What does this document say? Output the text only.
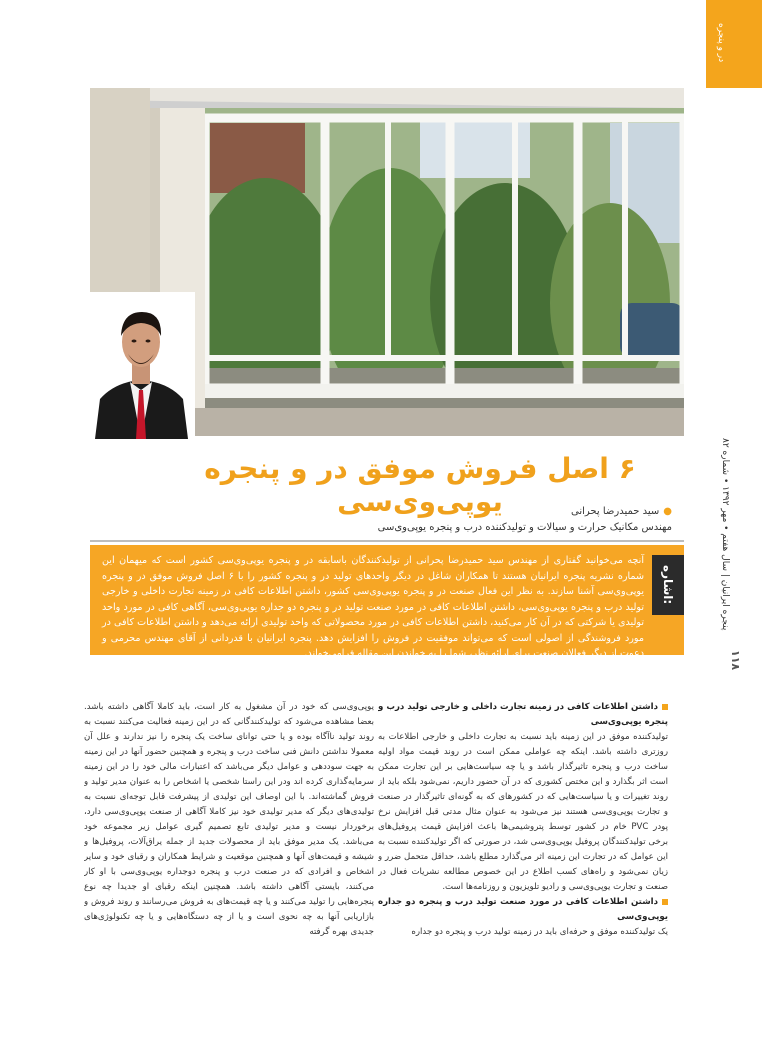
در و پنجره
پنجره ایرانیان | سال هفتم • مهر ۱۳۹۲ • شماره ۸۲
۱۱۸
۶ اصل فروش موفق در و پنجره یوپی‌وی‌سی	●سید حمیدرضا پحرانی
مهندس مکانیک حرارت و سیالات و تولیدکننده درب و پنجره یوپی‌وی‌سی
اشاره:
آنچه می‌خوانید گفتاری از مهندس سید حمیدرضا پحرانی از تولیدکنندگان باسابقه در و پنجره یوپی‌وی‌سی کشور است که میهمان این شماره نشریه پنجره ایرانیان هستند تا همکاران شاغل در دیگر واحدهای تولید در و پنجره کشور را با ۶ اصل فروش موفق در و پنجره یوپی‌وی‌سی آشنا سازند. به نظر این فعال صنعت در و پنجره یوپی‌وی‌سی کشور، داشتن اطلاعات کافی در زمینه تجارت داخلی و خارجی تولید درب و پنجره یوپی‌وی‌سی، داشتن اطلاعات کافی در مورد صنعت تولید در و پنجره دو جداره یوپی‌وی‌سی، آگاهی کافی در مورد واحد تولیدی یا شرکتی که در آن کار می‌کنید، داشتن اطلاعات کافی در مورد محصولاتی که واحد تولیدی ارائه می‌دهد و داشتن اطلاعات کافی در مورد فروشندگی از اصولی است که می‌تواند موفقیت در فروش را افزایش دهد. پنجره ایرانیان با قدردانی از آقای مهندس محرمی و دعوت از دیگر فعالان صنعت برای ارائه نظر، شما را به خواندن این مقاله فرامی‌خواند.

داشتن اطلاعات کافی در زمینه تجارت داخلی و خارجی تولید درب و پنجره یوپی‌وی‌سی

تولیدکننده موفق در این زمینه باید نسبت به تجارت داخلی و خارجی اطلاعات به روزتری داشته باشد. اینکه چه عواملی ممکن است در روند قیمت مواد اولیه ساخت درب و پنجره تاثیرگذار باشد و یا چه سیاست‌هایی بر این تجارت ممکن است اثر بگذارد و این مختص کشوری که در آن حضور داریم، نمی‌شود بلکه باید از روند تغییرات و یا سیاست‌هایی که در کشورهای که به گونه‌ای تاثیرگذار در صنعت و تجارت یوپی‌وی‌سی هستند نیز می‌شود به عنوان مثال مدتی قبل افزایش نرخ پودر PVC خام در کشور توسط پتروشیمی‌ها باعث افزایش قیمت پروفیل‌های برخی تولیدکنندگان پروفیل یوپی‌وی‌سی شد، در صورتی که اگر تولیدکننده نسبت به این عوامل که در تجارت این زمینه اثر می‌گذارد مطلع باشد، حداقل متحمل ضرر و زیان نمی‌شود و راه‌های کسب اطلاع در این خصوص مطالعه نشریات فعال در صنعت و تجارت یوپی‌وی‌سی و رادیو تلویزیون و روزنامه‌ها است.

داشتن اطلاعات کافی در مورد صنعت تولید درب و پنجره دو جداره یوپی‌وی‌سی

یک تولیدکننده موفق و حرفه‌ای باید در زمینه تولید درب و پنجره دو جداره

یوپی‌وی‌سی که خود در آن مشغول به کار است، باید کاملا آگاهی داشته باشد. بعضا مشاهده می‌شود که تولیدکنندگانی که در این زمینه فعالیت می‌کنند نسبت به روند تولید ناآگاه بوده و یا حتی توانای ساخت یک پنجره را نیز ندارند و علل آن معمولا نداشتن دانش فنی ساخت درب و پنجره و همچنین حضور آنها در این زمینه به جهت سوددهی و عوامل دیگر می‌باشد که اعتبارات مالی خود را در این زمینه سرمایه‌گذاری کرده اند ودر این راستا شخصی یا اشخاص را به عنوان مدیر تولید و فروش گماشته‌اند. با این اوصاف این تولیدی از پیشرفت قابل توجه‌ای نسبت به تولیدی‌های دیگر که مدیر تولیدی خود نیز کاملا آگاهی از صنعت یوپی‌وی‌سی دارد، برخوردار نیست و مدیر تولیدی تابع تصمیم گیری عوامل زیر مجموعه خود می‌باشد. یک مدیر موفق باید از محصولات جدید از جمله یراق‌آلات، پروفیل‌ها و شیشه و قیمت‌های آنها و همچنین موقعیت و شرایط همکاران و رقبای خود و سایر اشخاص و افرادی که در صنعت درب و پنجره دوجداره یوپی‌وی‌سی با او کار می‌کنند، بایستی آگاهی داشته باشد. همچنین اینکه رقبای او جدیدا چه نوع پنجره‌هایی را تولید می‌کنند و یا چه قیمت‌های به فروش می‌رسانند و روند فروش و بازاریابی آنها به چه نحوی است و یا از چه دستگاه‌هایی و یا چه تکنولوژی‌های جدیدی بهره گرفته
